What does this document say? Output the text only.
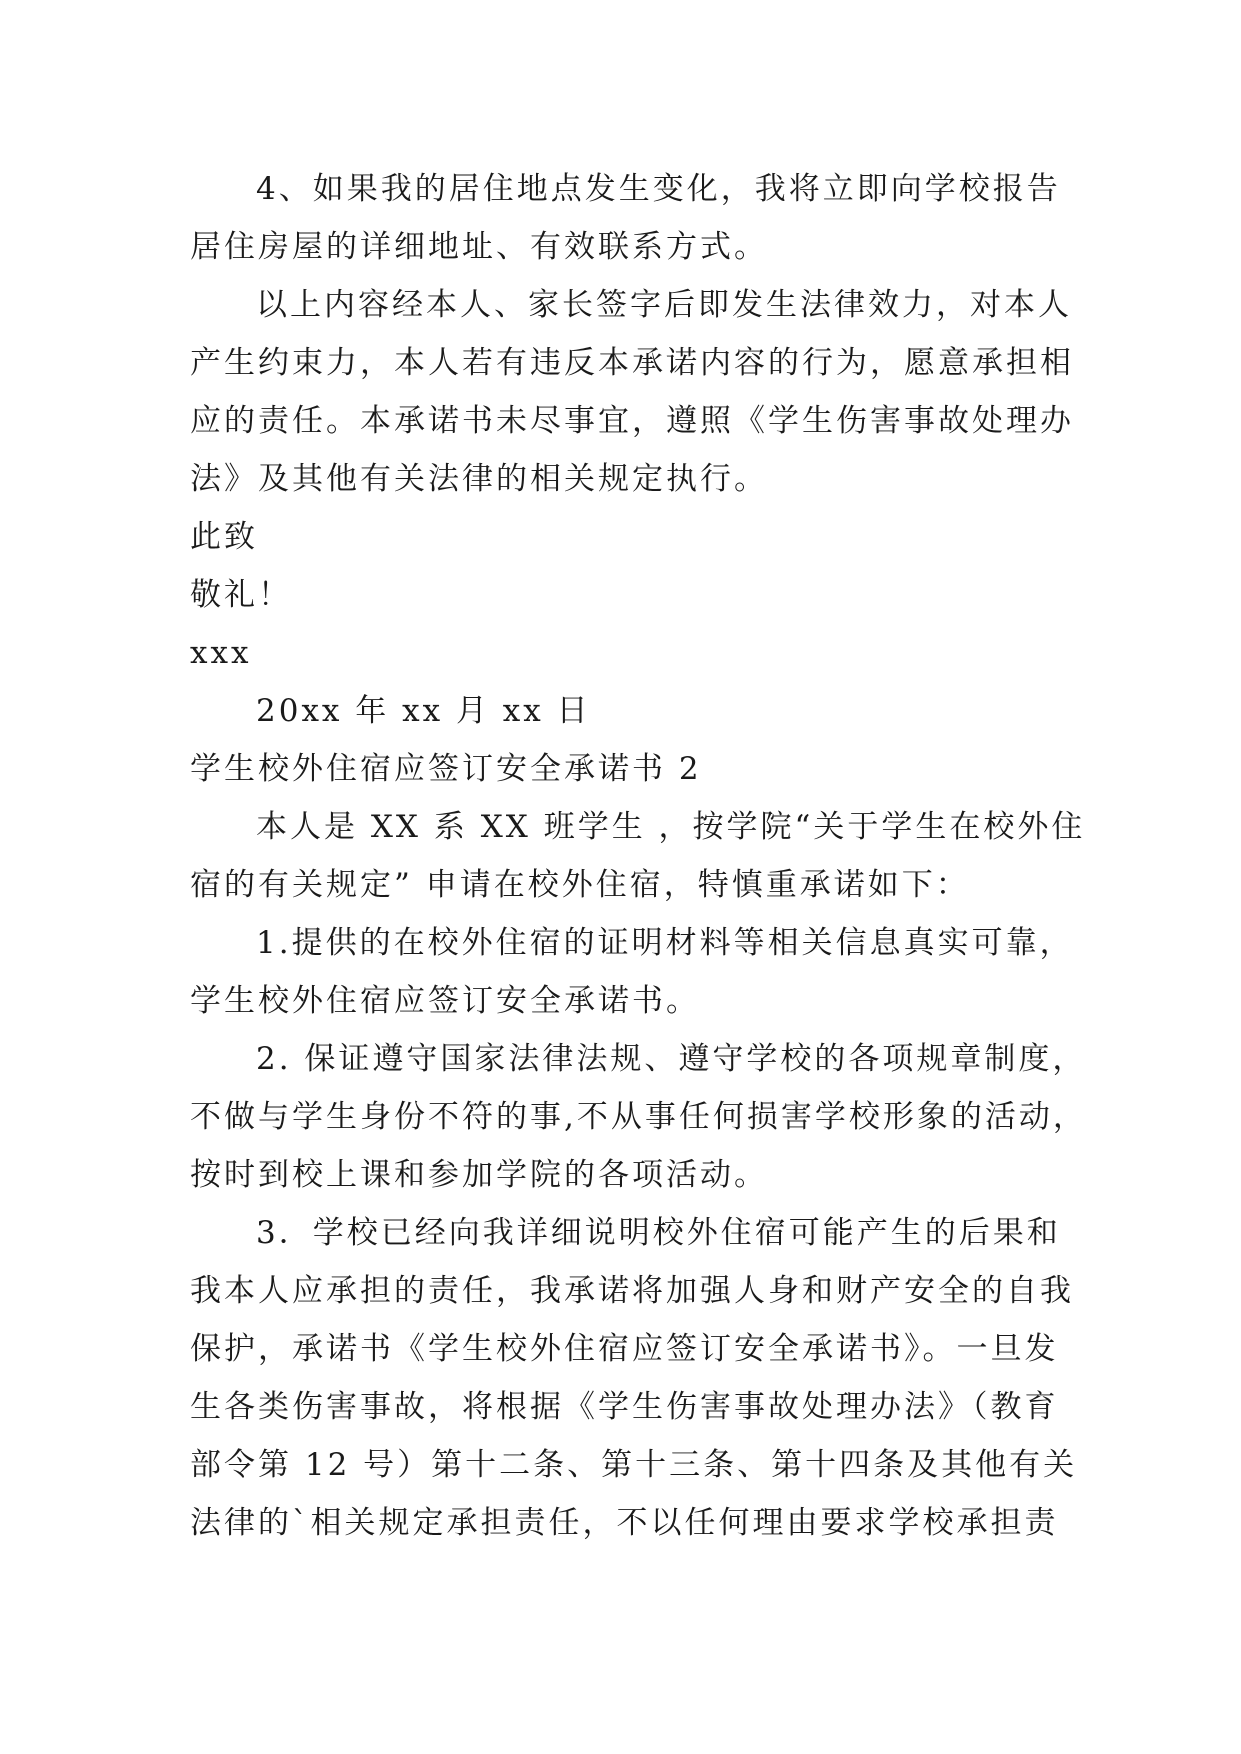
4、如果我的居住地点发生变化，我将立即向学校报告
居住房屋的详细地址、有效联系方式。
以上内容经本人、家长签字后即发生法律效力，对本人
产生约束力，本人若有违反本承诺内容的行为，愿意承担相
应的责任。本承诺书未尽事宜，遵照《学生伤害事故处理办
法》及其他有关法律的相关规定执行。
此致
敬礼！
xxx
20xx 年 xx 月 xx 日
学生校外住宿应签订安全承诺书 2
本人是 XX 系 XX 班学生 ，按学院“关于学生在校外住
宿的有关规定” 申请在校外住宿，特慎重承诺如下：
1.提供的在校外住宿的证明材料等相关信息真实可靠，
学生校外住宿应签订安全承诺书。
2. 保证遵守国家法律法规、遵守学校的各项规章制度，
不做与学生身份不符的事,不从事任何损害学校形象的活动，
按时到校上课和参加学院的各项活动。
3．学校已经向我详细说明校外住宿可能产生的后果和
我本人应承担的责任，我承诺将加强人身和财产安全的自我
保护，承诺书《学生校外住宿应签订安全承诺书》。一旦发
生各类伤害事故，将根据《学生伤害事故处理办法》（教育
部令第 12 号）第十二条、第十三条、第十四条及其他有关
法律的`相关规定承担责任，不以任何理由要求学校承担责
